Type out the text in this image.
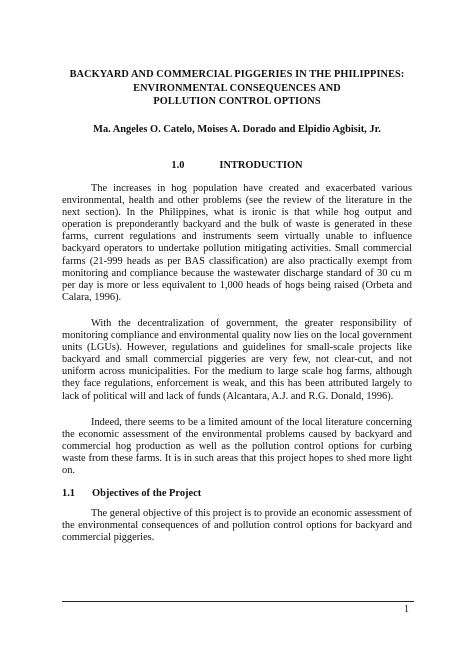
BACKYARD AND COMMERCIAL PIGGERIES IN THE PHILIPPINES:
ENVIRONMENTAL CONSEQUENCES AND
POLLUTION CONTROL OPTIONS
Ma. Angeles O. Catelo, Moises A. Dorado and Elpidio Agbisit, Jr.
1.0	INTRODUCTION

The increases in hog population have created and exacerbated various environmental, health and other problems (see the review of the literature in the next section). In the Philippines, what is ironic is that while hog output and operation is preponderantly backyard and the bulk of waste is generated in these farms, current regulations and instruments seem virtually unable to influence backyard operators to undertake pollution mitigating activities. Small commercial farms (21-999 heads as per BAS classification) are also practically exempt from monitoring and compliance because the wastewater discharge standard of 30 cu m per day is more or less equivalent to 1,000 heads of hogs being raised (Orbeta and Calara, 1996).

With the decentralization of government, the greater responsibility of monitoring compliance and environmental quality now lies on the local government units (LGUs). However, regulations and guidelines for small-scale projects like backyard and small commercial piggeries are very few, not clear-cut, and not uniform across municipalities. For the medium to large scale hog farms, although they face regulations, enforcement is weak, and this has been attributed largely to lack of political will and lack of funds (Alcantara, A.J. and R.G. Donald, 1996).

Indeed, there seems to be a limited amount of the local literature concerning the economic assessment of the environmental problems caused by backyard and commercial hog production as well as the pollution control options for curbing waste from these farms. It is in such areas that this project hopes to shed more light on.

1.1 Objectives of the Project

The general objective of this project is to provide an economic assessment of the environmental consequences of and pollution control options for backyard and commercial piggeries.

1
